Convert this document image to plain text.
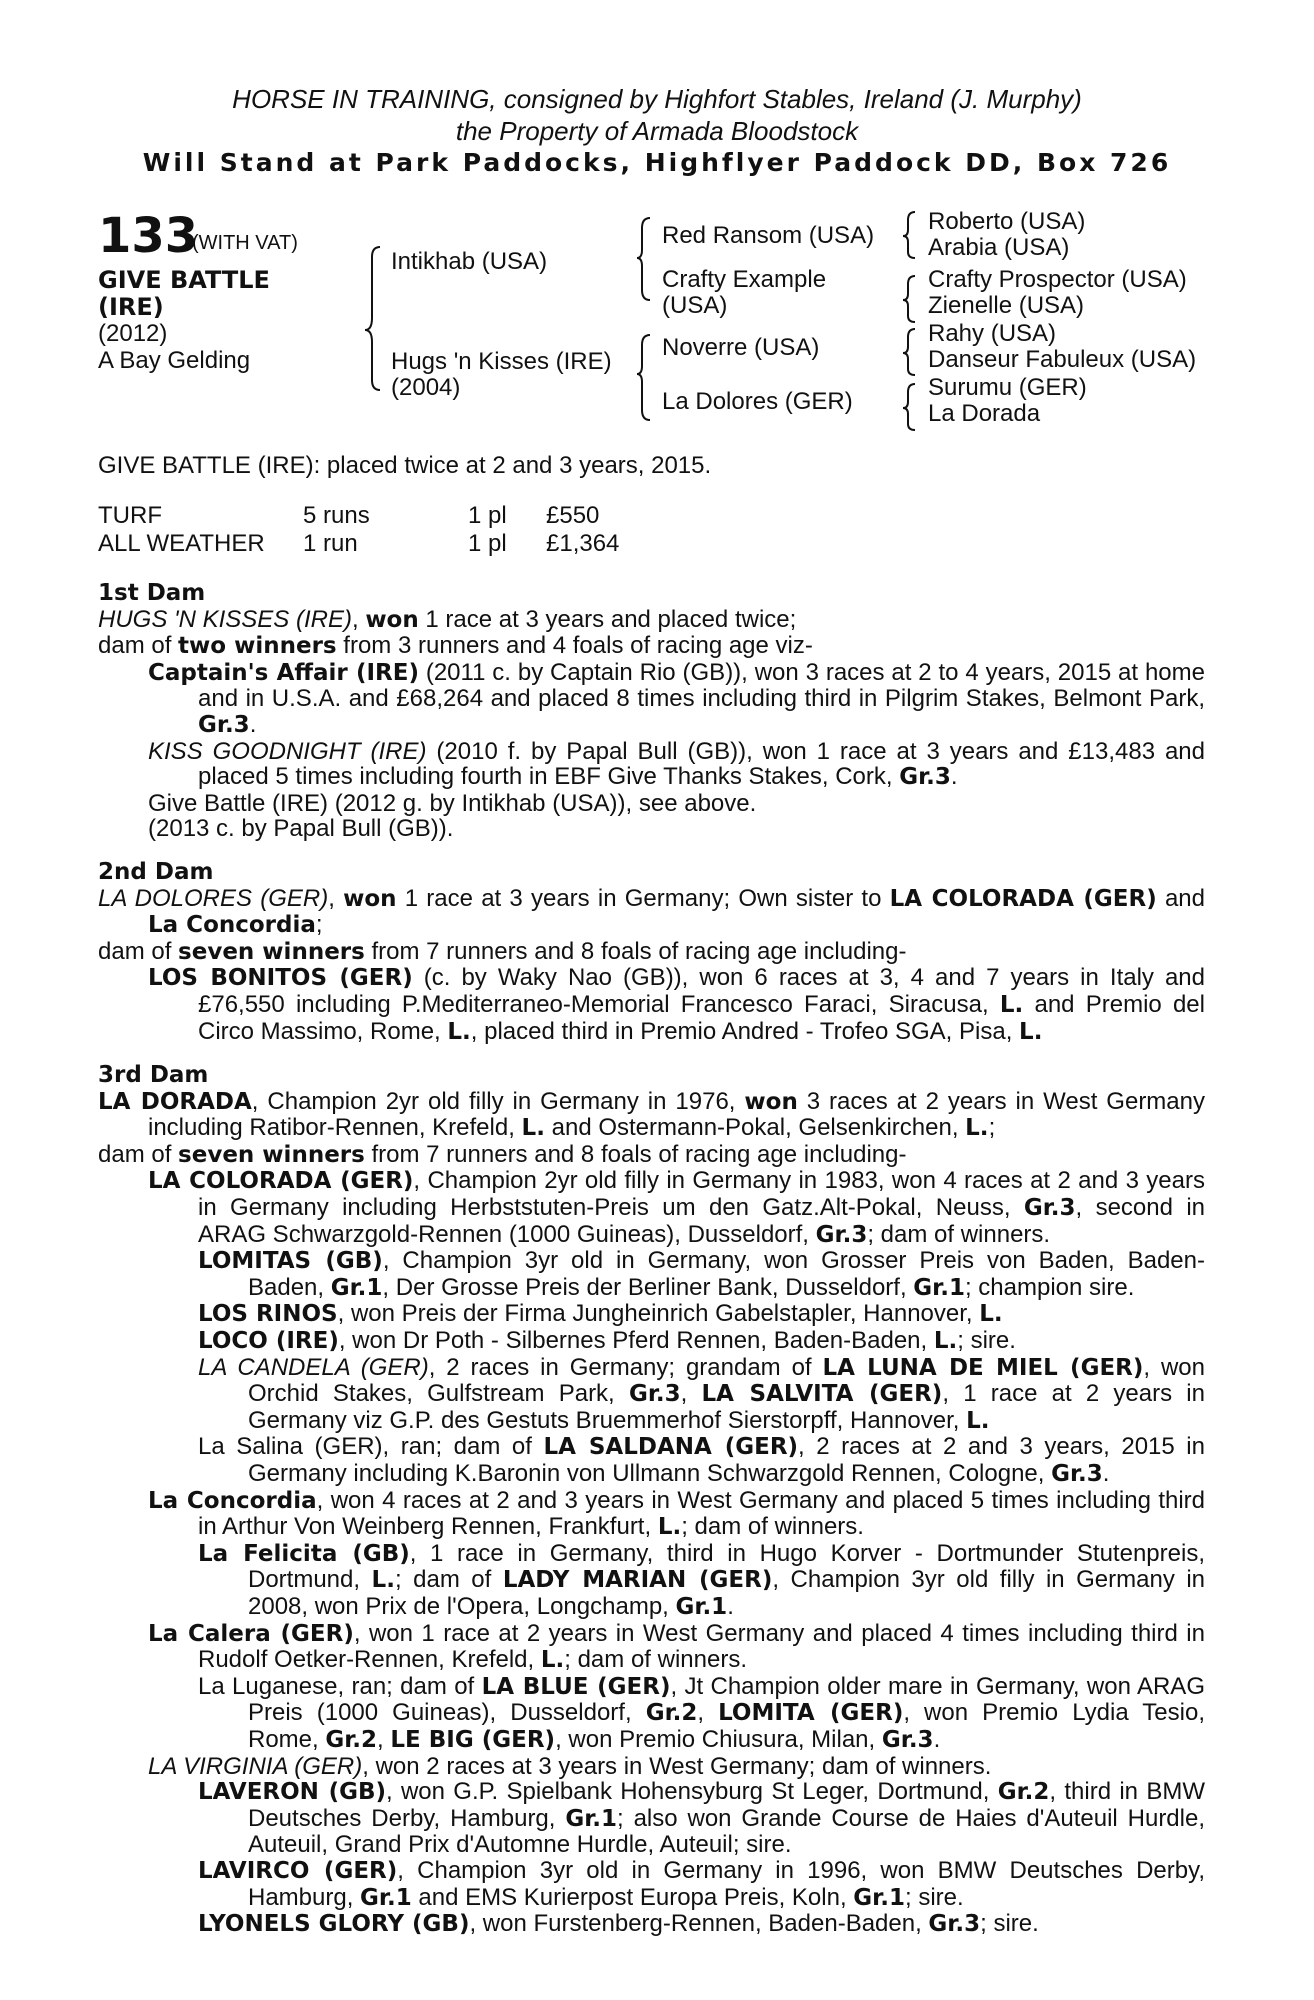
HORSE IN TRAINING, consigned by Highfort Stables, Ireland (J. Murphy)
the Property of Armada Bloodstock
Will Stand at Park Paddocks, Highflyer Paddock DD, Box 726
133
(WITH VAT)
GIVE BATTLE
(IRE)
(2012)
A Bay Gelding
Intikhab (USA)
Hugs 'n Kisses (IRE)
(2004)
Red Ransom (USA)
Crafty Example
(USA)
Noverre (USA)
La Dolores (GER)
Roberto (USA)
Arabia (USA)
Crafty Prospector (USA)
Zienelle (USA)
Rahy (USA)
Danseur Fabuleux (USA)
Surumu (GER)
La Dorada
GIVE BATTLE (IRE): placed twice at 2 and 3 years, 2015.
TURF	5 runs	1 pl	£550
ALL WEATHER	1 run	1 pl	£1,364

1st Dam

HUGS 'N KISSES (IRE), won 1 race at 3 years and placed twice;

dam of two winners from 3 runners and 4 foals of racing age viz-

Captain's Affair (IRE) (2011 c. by Captain Rio (GB)), won 3 races at 2 to 4 years, 2015 at home and in U.S.A. and £68,264 and placed 8 times including third in Pilgrim Stakes, Belmont Park, Gr.3.

KISS GOODNIGHT (IRE) (2010 f. by Papal Bull (GB)), won 1 race at 3 years and £13,483 and placed 5 times including fourth in EBF Give Thanks Stakes, Cork, Gr.3.

Give Battle (IRE) (2012 g. by Intikhab (USA)), see above.

(2013 c. by Papal Bull (GB)).

2nd Dam

LA DOLORES (GER), won 1 race at 3 years in Germany; Own sister to LA COLORADA (GER) and La Concordia;

dam of seven winners from 7 runners and 8 foals of racing age including-

LOS BONITOS (GER) (c. by Waky Nao (GB)), won 6 races at 3, 4 and 7 years in Italy and £76,550 including P.Mediterraneo-Memorial Francesco Faraci, Siracusa, L. and Premio del Circo Massimo, Rome, L., placed third in Premio Andred - Trofeo SGA, Pisa, L.

3rd Dam

LA DORADA, Champion 2yr old filly in Germany in 1976, won 3 races at 2 years in West Germany including Ratibor-Rennen, Krefeld, L. and Ostermann-Pokal, Gelsenkirchen, L.;

dam of seven winners from 7 runners and 8 foals of racing age including-

LA COLORADA (GER), Champion 2yr old filly in Germany in 1983, won 4 races at 2 and 3 years in Germany including Herbststuten-Preis um den Gatz.Alt-Pokal, Neuss, Gr.3, second in ARAG Schwarzgold-Rennen (1000 Guineas), Dusseldorf, Gr.3; dam of winners.

LOMITAS (GB), Champion 3yr old in Germany, won Grosser Preis von Baden, Baden-Baden, Gr.1, Der Grosse Preis der Berliner Bank, Dusseldorf, Gr.1; champion sire.

LOS RINOS, won Preis der Firma Jungheinrich Gabelstapler, Hannover, L.

LOCO (IRE), won Dr Poth - Silbernes Pferd Rennen, Baden-Baden, L.; sire.

LA CANDELA (GER), 2 races in Germany; grandam of LA LUNA DE MIEL (GER), won Orchid Stakes, Gulfstream Park, Gr.3, LA SALVITA (GER), 1 race at 2 years in Germany viz G.P. des Gestuts Bruemmerhof Sierstorpff, Hannover, L.

La Salina (GER), ran; dam of LA SALDANA (GER), 2 races at 2 and 3 years, 2015 in Germany including K.Baronin von Ullmann Schwarzgold Rennen, Cologne, Gr.3.

La Concordia, won 4 races at 2 and 3 years in West Germany and placed 5 times including third in Arthur Von Weinberg Rennen, Frankfurt, L.; dam of winners.

La Felicita (GB), 1 race in Germany, third in Hugo Korver - Dortmunder Stutenpreis, Dortmund, L.; dam of LADY MARIAN (GER), Champion 3yr old filly in Germany in 2008, won Prix de l'Opera, Longchamp, Gr.1.

La Calera (GER), won 1 race at 2 years in West Germany and placed 4 times including third in Rudolf Oetker-Rennen, Krefeld, L.; dam of winners.

La Luganese, ran; dam of LA BLUE (GER), Jt Champion older mare in Germany, won ARAG Preis (1000 Guineas), Dusseldorf, Gr.2, LOMITA (GER), won Premio Lydia Tesio, Rome, Gr.2, LE BIG (GER), won Premio Chiusura, Milan, Gr.3.

LA VIRGINIA (GER), won 2 races at 3 years in West Germany; dam of winners.

LAVERON (GB), won G.P. Spielbank Hohensyburg St Leger, Dortmund, Gr.2, third in BMW Deutsches Derby, Hamburg, Gr.1; also won Grande Course de Haies d'Auteuil Hurdle, Auteuil, Grand Prix d'Automne Hurdle, Auteuil; sire.

LAVIRCO (GER), Champion 3yr old in Germany in 1996, won BMW Deutsches Derby, Hamburg, Gr.1 and EMS Kurierpost Europa Preis, Koln, Gr.1; sire.

LYONELS GLORY (GB), won Furstenberg-Rennen, Baden-Baden, Gr.3; sire.
